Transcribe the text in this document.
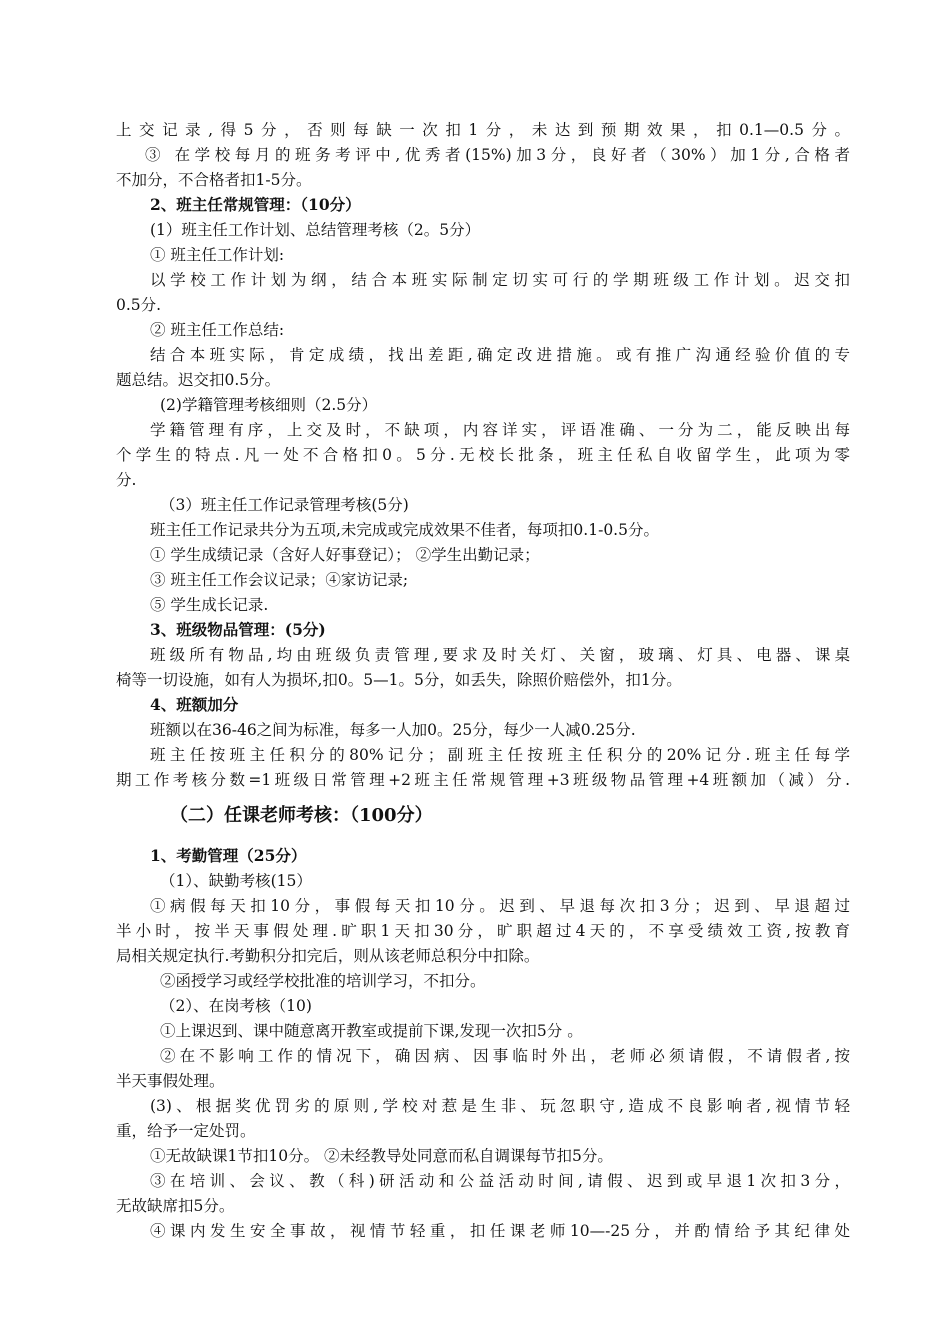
上交记录,得5分，否则每缺一次扣1分，未达到预期效果，扣0.1—0.5分。
③ 在学校每月的班务考评中,优秀者(15%)加3分，良好者（30%）加1分,合格者
不加分，不合格者扣1-5分。
2、班主任常规管理：（10分）
(1）班主任工作计划、总结管理考核（2。5分）
① 班主任工作计划:
以学校工作计划为纲，结合本班实际制定切实可行的学期班级工作计划。迟交扣
0.5分.
② 班主任工作总结:
结合本班实际，肯定成绩，找出差距,确定改进措施。或有推广沟通经验价值的专
题总结。迟交扣0.5分。
(2)学籍管理考核细则（2.5分）
学籍管理有序，上交及时，不缺项，内容详实，评语准确、一分为二，能反映出每
个学生的特点.凡一处不合格扣0。5分.无校长批条，班主任私自收留学生，此项为零
分.
（3）班主任工作记录管理考核(5分)
班主任工作记录共分为五项,未完成或完成效果不佳者，每项扣0.1-0.5分。
① 学生成绩记录（含好人好事登记）； ②学生出勤记录；
③ 班主任工作会议记录；④家访记录;
⑤ 学生成长记录.
3、班级物品管理：(5分)
班级所有物品,均由班级负责管理,要求及时关灯、关窗，玻璃、灯具、电器、课桌
椅等一切设施，如有人为损坏,扣0。5—1。5分，如丢失，除照价赔偿外，扣1分。
4、班额加分
班额以在36-46之间为标准，每多一人加0。25分，每少一人减0.25分.
班主任按班主任积分的80%记分；副班主任按班主任积分的20%记分.班主任每学
期工作考核分数=1班级日常管理+2班主任常规管理+3班级物品管理+4班额加（减）分.
（二）任课老师考核：（100分）
1、考勤管理（25分）
（1）、缺勤考核(15）
①病假每天扣10分，事假每天扣10分。迟到、早退每次扣3分；迟到、早退超过
半小时，按半天事假处理.旷职1天扣30分，旷职超过4天的，不享受绩效工资,按教育
局相关规定执行.考勤积分扣完后，则从该老师总积分中扣除。
②函授学习或经学校批准的培训学习，不扣分。
（2）、在岗考核（10)
①上课迟到、课中随意离开教室或提前下课,发现一次扣5分 。
②在不影响工作的情况下，确因病、因事临时外出，老师必须请假，不请假者,按
半天事假处理。
(3)、根据奖优罚劣的原则,学校对惹是生非、玩忽职守,造成不良影响者,视情节轻
重，给予一定处罚。
①无故缺课1节扣10分。 ②未经教导处同意而私自调课每节扣5分。
③在培训、会议、教（科)研活动和公益活动时间,请假、迟到或早退1次扣3分，
无故缺席扣5分。
④课内发生安全事故，视情节轻重，扣任课老师10—-25分，并酌情给予其纪律处
